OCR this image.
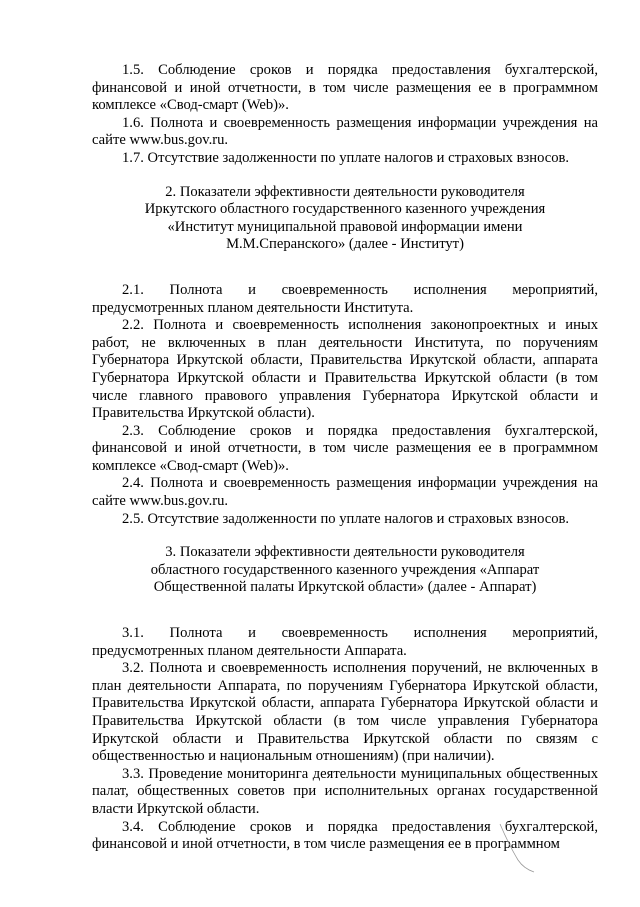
1.5. Соблюдение сроков и порядка предоставления бухгалтерской, финансовой и иной отчетности, в том числе размещения ее в программном комплексе «Свод-смарт (Web)».

1.6. Полнота и своевременность размещения информации учреждения на сайте www.bus.gov.ru.

1.7. Отсутствие задолженности по уплате налогов и страховых взносов.

2. Показатели эффективности деятельности руководителя
Иркутского областного государственного казенного учреждения
«Институт муниципальной правовой информации имени
М.М.Сперанского» (далее - Институт)

2.1. Полнота и своевременность исполнения мероприятий, предусмотренных планом деятельности Института.

2.2. Полнота и своевременность исполнения законопроектных и иных работ, не включенных в план деятельности Института, по поручениям Губернатора Иркутской области, Правительства Иркутской области, аппарата Губернатора Иркутской области и Правительства Иркутской области (в том числе главного правового управления Губернатора Иркутской области и Правительства Иркутской области).

2.3. Соблюдение сроков и порядка предоставления бухгалтерской, финансовой и иной отчетности, в том числе размещения ее в программном комплексе «Свод-смарт (Web)».

2.4. Полнота и своевременность размещения информации учреждения на сайте www.bus.gov.ru.

2.5. Отсутствие задолженности по уплате налогов и страховых взносов.

3. Показатели эффективности деятельности руководителя
областного государственного казенного учреждения «Аппарат
Общественной палаты Иркутской области» (далее - Аппарат)

3.1. Полнота и своевременность исполнения мероприятий, предусмотренных планом деятельности Аппарата.

3.2. Полнота и своевременность исполнения поручений, не включенных в план деятельности Аппарата, по поручениям Губернатора Иркутской области, Правительства Иркутской области, аппарата Губернатора Иркутской области и Правительства Иркутской области (в том числе управления Губернатора Иркутской области и Правительства Иркутской области по связям с общественностью и национальным отношениям) (при наличии).

3.3. Проведение мониторинга деятельности муниципальных общественных палат, общественных советов при исполнительных органах государственной власти Иркутской области.

3.4. Соблюдение сроков и порядка предоставления бухгалтерской, финансовой и иной отчетности, в том числе размещения ее в программном
